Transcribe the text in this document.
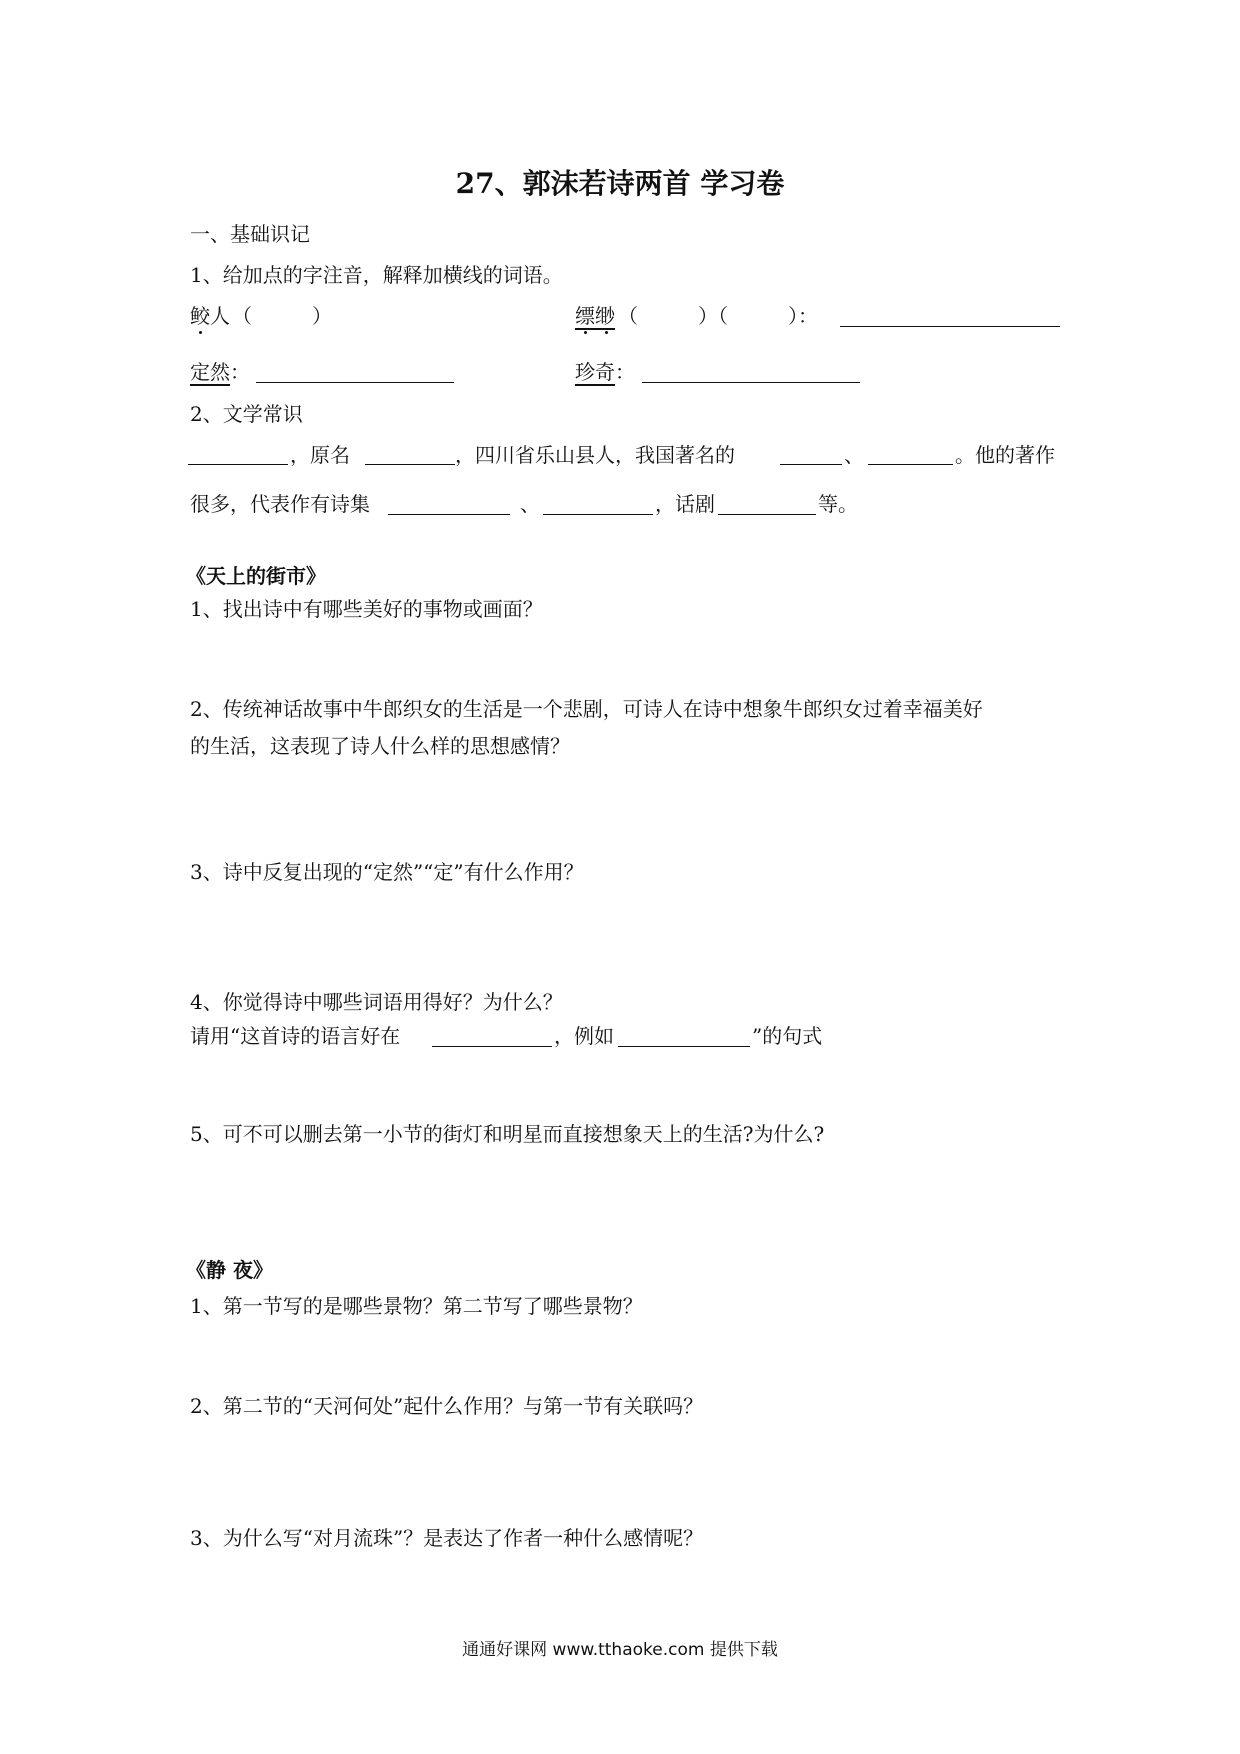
27、郭沫若诗两首 学习卷
一、基础识记
1、给加点的字注音，解释加横线的词语。
鲛人 （　　　）	缥缈 （　　　）（　　　）：
定然 ：	珍奇 ：
2、文学常识
，原名	，四川省乐山县人，我国著名的	、	。他的著作
很多，代表作有诗集	、	，话剧	等。
《天上的街市》
1、找出诗中有哪些美好的事物或画面？
2、传统神话故事中牛郎织女的生活是一个悲剧，可诗人在诗中想象牛郎织女过着幸福美好
的生活，这表现了诗人什么样的思想感情？
3、诗中反复出现的“定然”“定”有什么作用？
4、你觉得诗中哪些词语用得好？为什么？
请用“这首诗的语言好在	，例如	”的句式
5、可不可以删去第一小节的街灯和明星而直接想象天上的生活?为什么?
《静 夜》
1、第一节写的是哪些景物？第二节写了哪些景物？
2、第二节的“天河何处”起什么作用？与第一节有关联吗？
3、为什么写“对月流珠”？是表达了作者一种什么感情呢？
通通好课网 www.tthaoke.com 提供下载
